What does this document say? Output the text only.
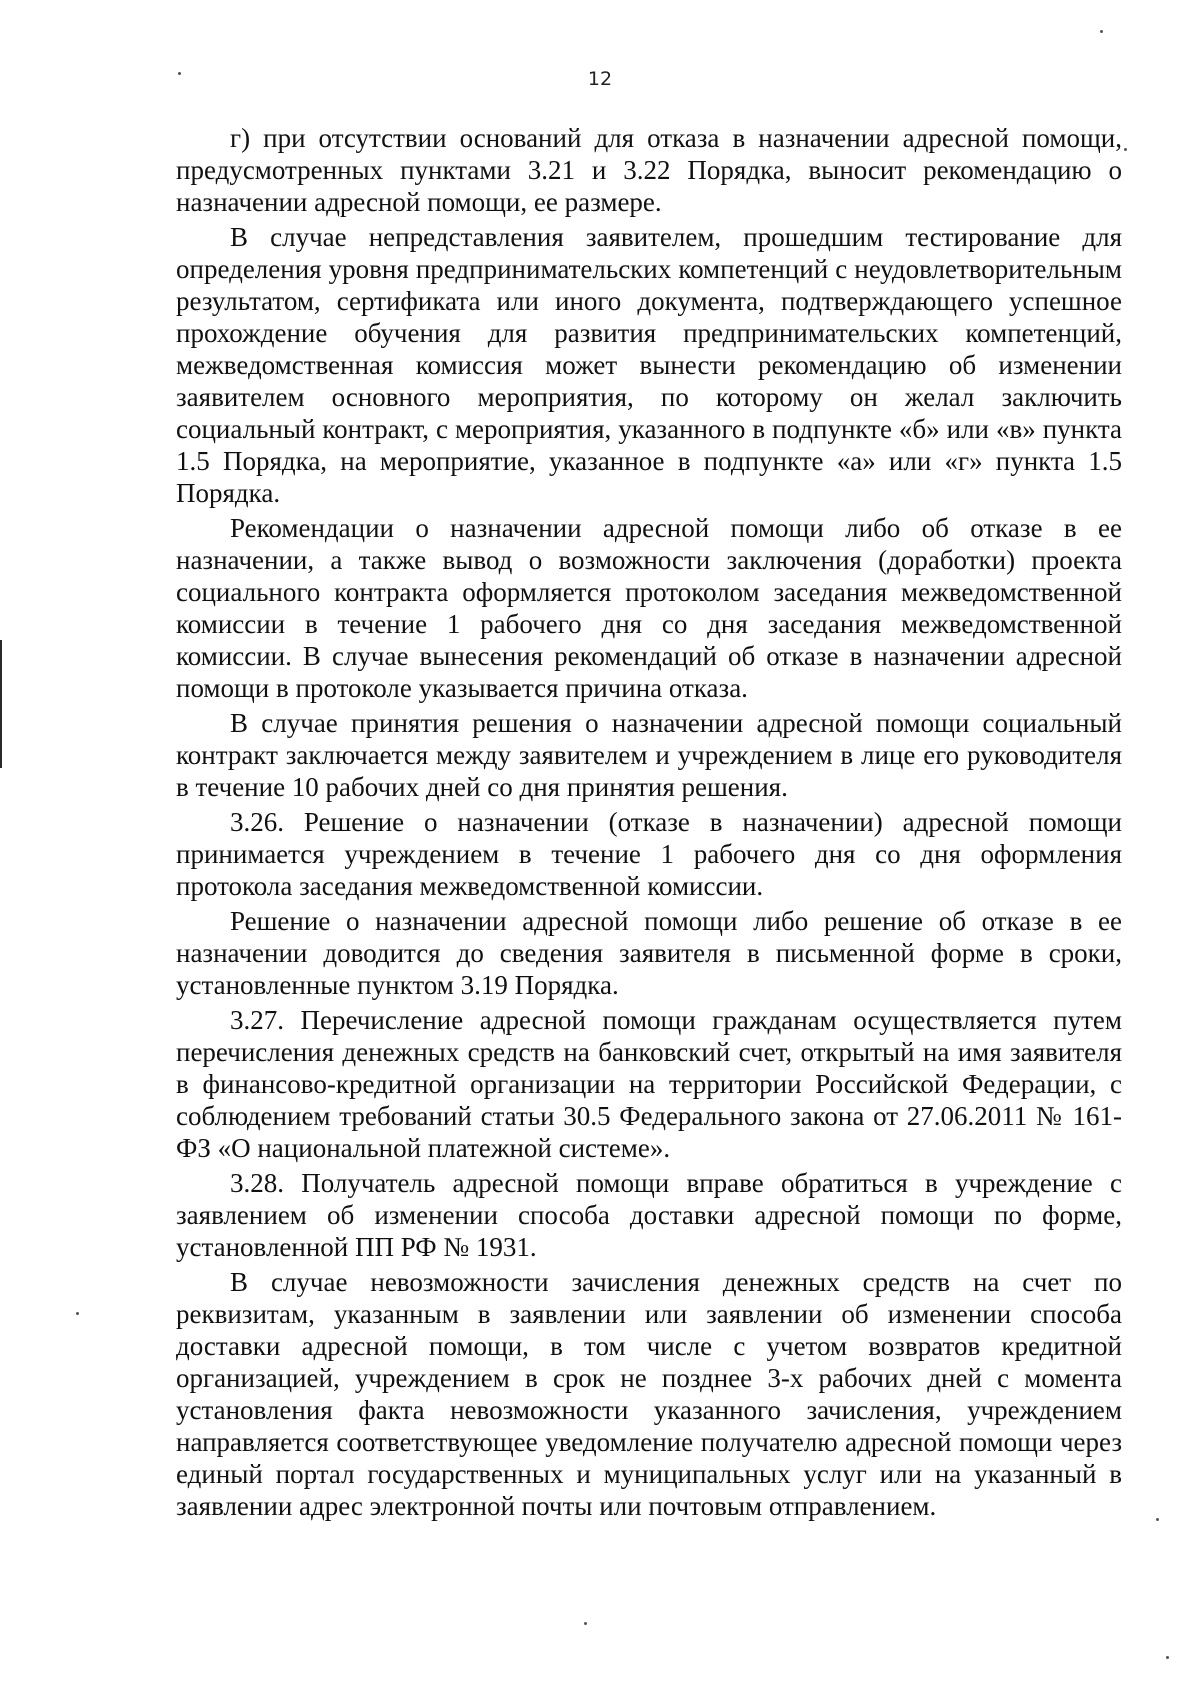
12

г) при отсутствии оснований для отказа в назначении адресной помощи, предусмотренных пунктами 3.21 и 3.22 Порядка, выносит рекомендацию о назначении адресной помощи, ее размере.

В случае непредставления заявителем, прошедшим тестирование для определения уровня предпринимательских компетенций с неудовлетворительным результатом, сертификата или иного документа, подтверждающего успешное прохождение обучения для развития предпринимательских компетенций, межведомственная комиссия может вынести рекомендацию об изменении заявителем основного мероприятия, по которому он желал заключить социальный контракт, с мероприятия, указанного в подпункте «б» или «в» пункта 1.5 Порядка, на мероприятие, указанное в подпункте «а» или «г» пункта 1.5 Порядка.

Рекомендации о назначении адресной помощи либо об отказе в ее назначении, а также вывод о возможности заключения (доработки) проекта социального контракта оформляется протоколом заседания межведомственной комиссии в течение 1 рабочего дня со дня заседания межведомственной комиссии. В случае вынесения рекомендаций об отказе в назначении адресной помощи в протоколе указывается причина отказа.

В случае принятия решения о назначении адресной помощи социальный контракт заключается между заявителем и учреждением в лице его руководителя в течение 10 рабочих дней со дня принятия решения.

3.26. Решение о назначении (отказе в назначении) адресной помощи принимается учреждением в течение 1 рабочего дня со дня оформления протокола заседания межведомственной комиссии.

Решение о назначении адресной помощи либо решение об отказе в ее назначении доводится до сведения заявителя в письменной форме в сроки, установленные пунктом 3.19 Порядка.

3.27. Перечисление адресной помощи гражданам осуществляется путем перечисления денежных средств на банковский счет, открытый на имя заявителя в финансово-кредитной организации на территории Российской Федерации, с соблюдением требований статьи 30.5 Федерального закона от 27.06.2011 № 161-ФЗ «О национальной платежной системе».

3.28. Получатель адресной помощи вправе обратиться в учреждение с заявлением об изменении способа доставки адресной помощи по форме, установленной ПП РФ № 1931.

В случае невозможности зачисления денежных средств на счет по реквизитам, указанным в заявлении или заявлении об изменении способа доставки адресной помощи, в том числе с учетом возвратов кредитной организацией, учреждением в срок не позднее 3-х рабочих дней с момента установления факта невозможности указанного зачисления, учреждением направляется соответствующее уведомление получателю адресной помощи через единый портал государственных и муниципальных услуг или на указанный в заявлении адрес электронной почты или почтовым отправлением.
